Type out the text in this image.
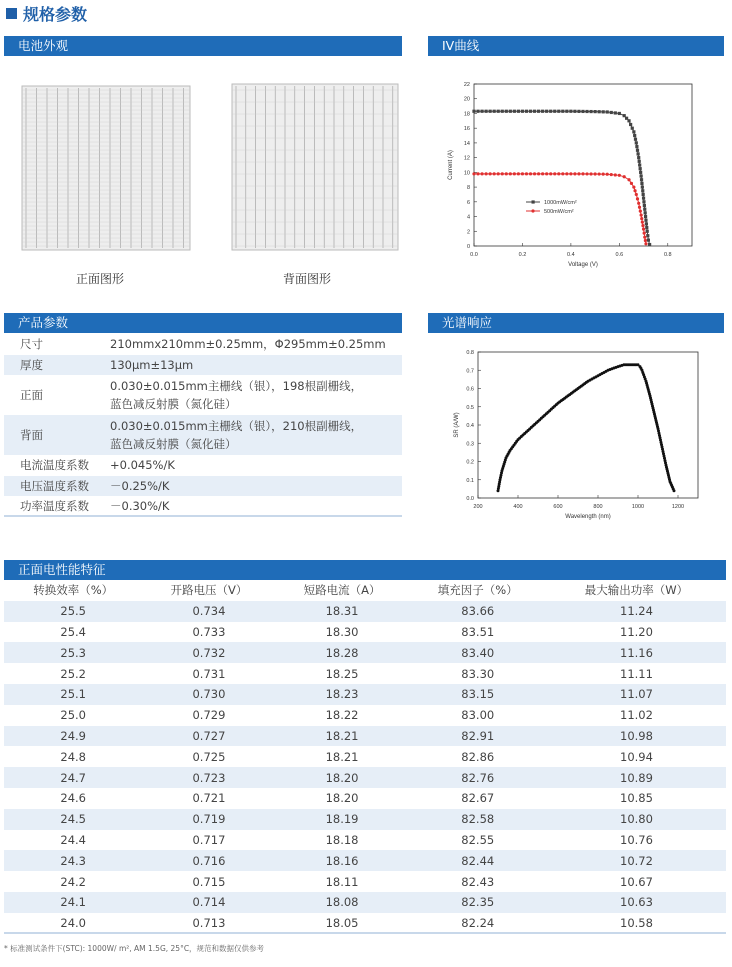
规格参数
电池外观	IV曲线
产品参数	光谱响应
正面电性能特征
正面图形	背面图形
0.0	0.2	0.4	0.6	0.8
0
2
4
6
8
10
12
14
16
18
20
22
Voltage (V)
Current (A)
1000mW/cm²
500mW/cm²
200	400	600	800	1000	1200
0.0
0.1
0.2
0.3
0.4
0.5
0.6
0.7
0.8
Wavelength (nm)
SR (A/W)
尺寸	210mmx210mm±0.25mm，Φ295mm±0.25mm

厚度	130μm±13μm

正面	0.030±0.015mm主栅线（银），198根副栅线，
蓝色减反射膜（氮化硅）

背面	0.030±0.015mm主栅线（银），210根副栅线，
蓝色减反射膜（氮化硅）

电流温度系数	+0.045%/K

电压温度系数	－0.25%/K

功率温度系数	－0.30%/K
转换效率（%）	开路电压（V）	短路电流（A）	填充因子（%）	最大输出功率（W）
25.5	0.734	18.31	83.66	11.24
25.4	0.733	18.30	83.51	11.20
25.3	0.732	18.28	83.40	11.16
25.2	0.731	18.25	83.30	11.11
25.1	0.730	18.23	83.15	11.07
25.0	0.729	18.22	83.00	11.02
24.9	0.727	18.21	82.91	10.98
24.8	0.725	18.21	82.86	10.94
24.7	0.723	18.20	82.76	10.89
24.6	0.721	18.20	82.67	10.85
24.5	0.719	18.19	82.58	10.80
24.4	0.717	18.18	82.55	10.76
24.3	0.716	18.16	82.44	10.72
24.2	0.715	18.11	82.43	10.67
24.1	0.714	18.08	82.35	10.63
24.0	0.713	18.05	82.24	10.58
* 标准测试条件下(STC): 1000W/ m², AM 1.5G, 25°C，规范和数据仅供参考
